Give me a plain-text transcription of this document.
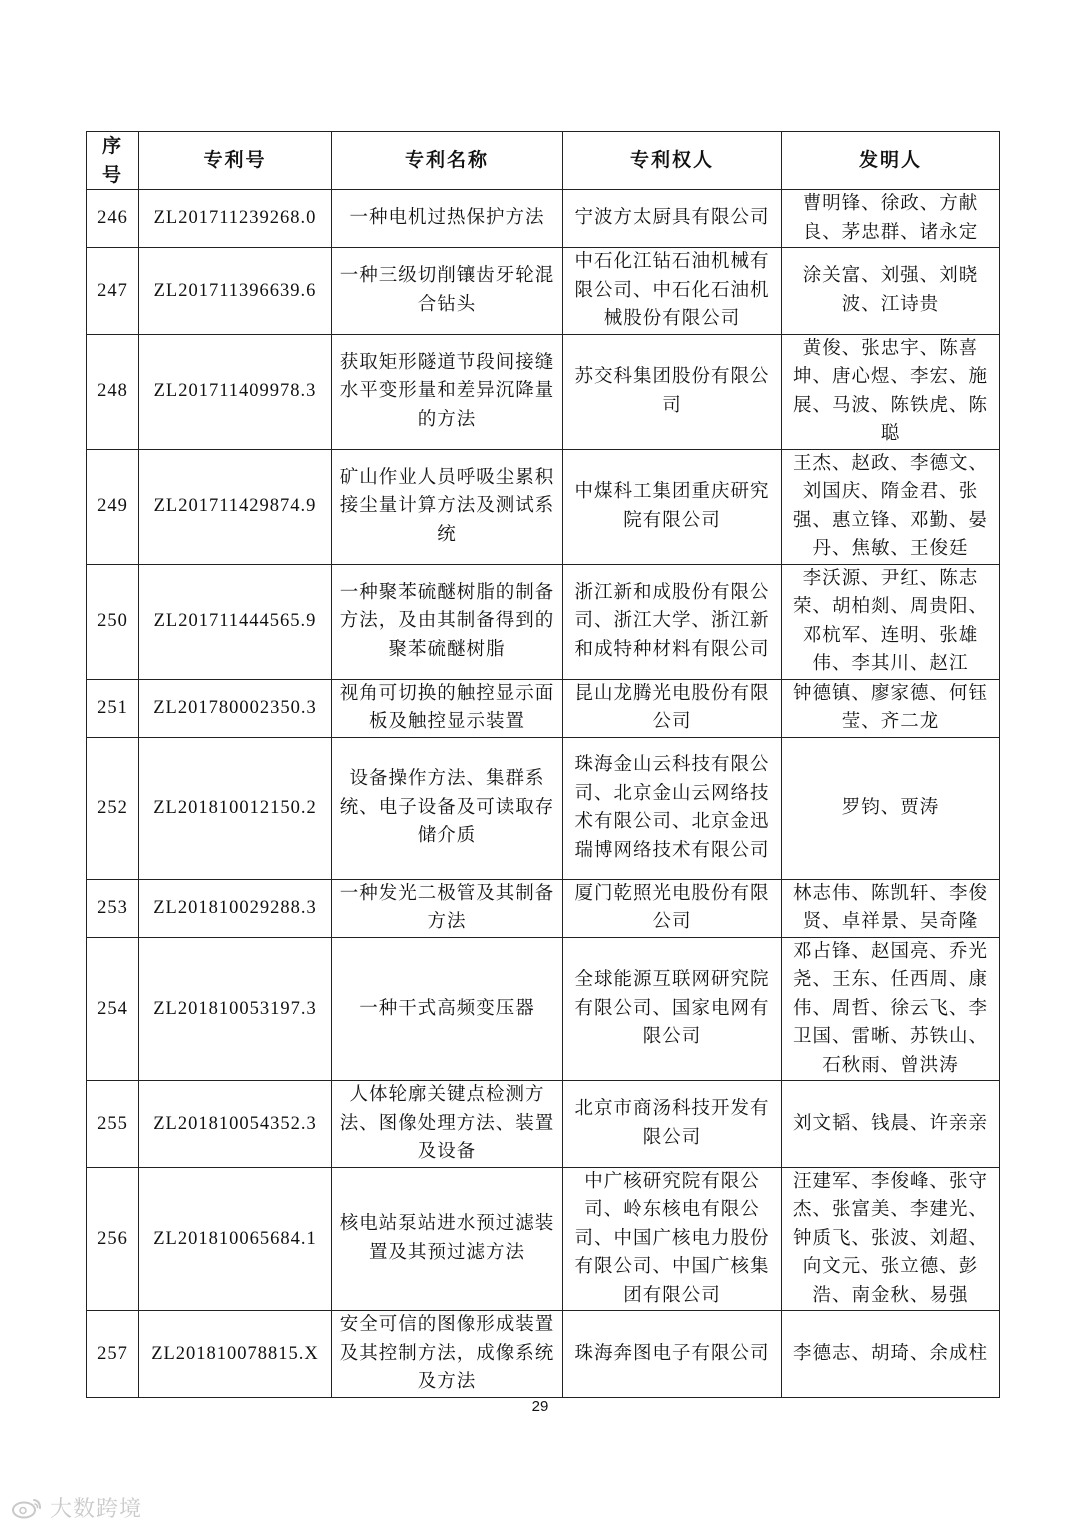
序号	专利号	专利名称	专利权人	发明人
246	ZL201711239268.0	一种电机过热保护方法	宁波方太厨具有限公司	曹明锋、徐政、方献良、茅忠群、诸永定
247	ZL201711396639.6	一种三级切削镶齿牙轮混合钻头	中石化江钻石油机械有限公司、中石化石油机械股份有限公司	涂关富、刘强、刘晓波、江诗贵
248	ZL201711409978.3	获取矩形隧道节段间接缝水平变形量和差异沉降量的方法	苏交科集团股份有限公司	黄俊、张忠宇、陈喜坤、唐心煜、李宏、施展、马波、陈铁虎、陈聪
249	ZL201711429874.9	矿山作业人员呼吸尘累积接尘量计算方法及测试系统	中煤科工集团重庆研究院有限公司	王杰、赵政、李德文、刘国庆、隋金君、张强、惠立锋、邓勤、晏丹、焦敏、王俊廷
250	ZL201711444565.9	一种聚苯硫醚树脂的制备方法，及由其制备得到的聚苯硫醚树脂	浙江新和成股份有限公司、浙江大学、浙江新和成特种材料有限公司	李沃源、尹红、陈志荣、胡柏剡、周贵阳、邓杭军、连明、张雄伟、李其川、赵江
251	ZL201780002350.3	视角可切换的触控显示面板及触控显示装置	昆山龙腾光电股份有限公司	钟德镇、廖家德、何钰莹、齐二龙
252	ZL201810012150.2	设备操作方法、集群系统、电子设备及可读取存储介质	珠海金山云科技有限公司、北京金山云网络技术有限公司、北京金迅瑞博网络技术有限公司	罗钧、贾涛
253	ZL201810029288.3	一种发光二极管及其制备方法	厦门乾照光电股份有限公司	林志伟、陈凯轩、李俊贤、卓祥景、吴奇隆
254	ZL201810053197.3	一种干式高频变压器	全球能源互联网研究院有限公司、国家电网有限公司	邓占锋、赵国亮、乔光尧、王东、任西周、康伟、周哲、徐云飞、李卫国、雷晰、苏铁山、石秋雨、曾洪涛
255	ZL201810054352.3	人体轮廓关键点检测方法、图像处理方法、装置及设备	北京市商汤科技开发有限公司	刘文韬、钱晨、许亲亲
256	ZL201810065684.1	核电站泵站进水预过滤装置及其预过滤方法	中广核研究院有限公司、岭东核电有限公司、中国广核电力股份有限公司、中国广核集团有限公司	汪建军、李俊峰、张守杰、张富美、李建光、钟质飞、张波、刘超、向文元、张立德、彭浩、南金秋、易强
257	ZL201810078815.X	安全可信的图像形成装置及其控制方法，成像系统及方法	珠海奔图电子有限公司	李德志、胡琦、余成柱
29
大数跨境
